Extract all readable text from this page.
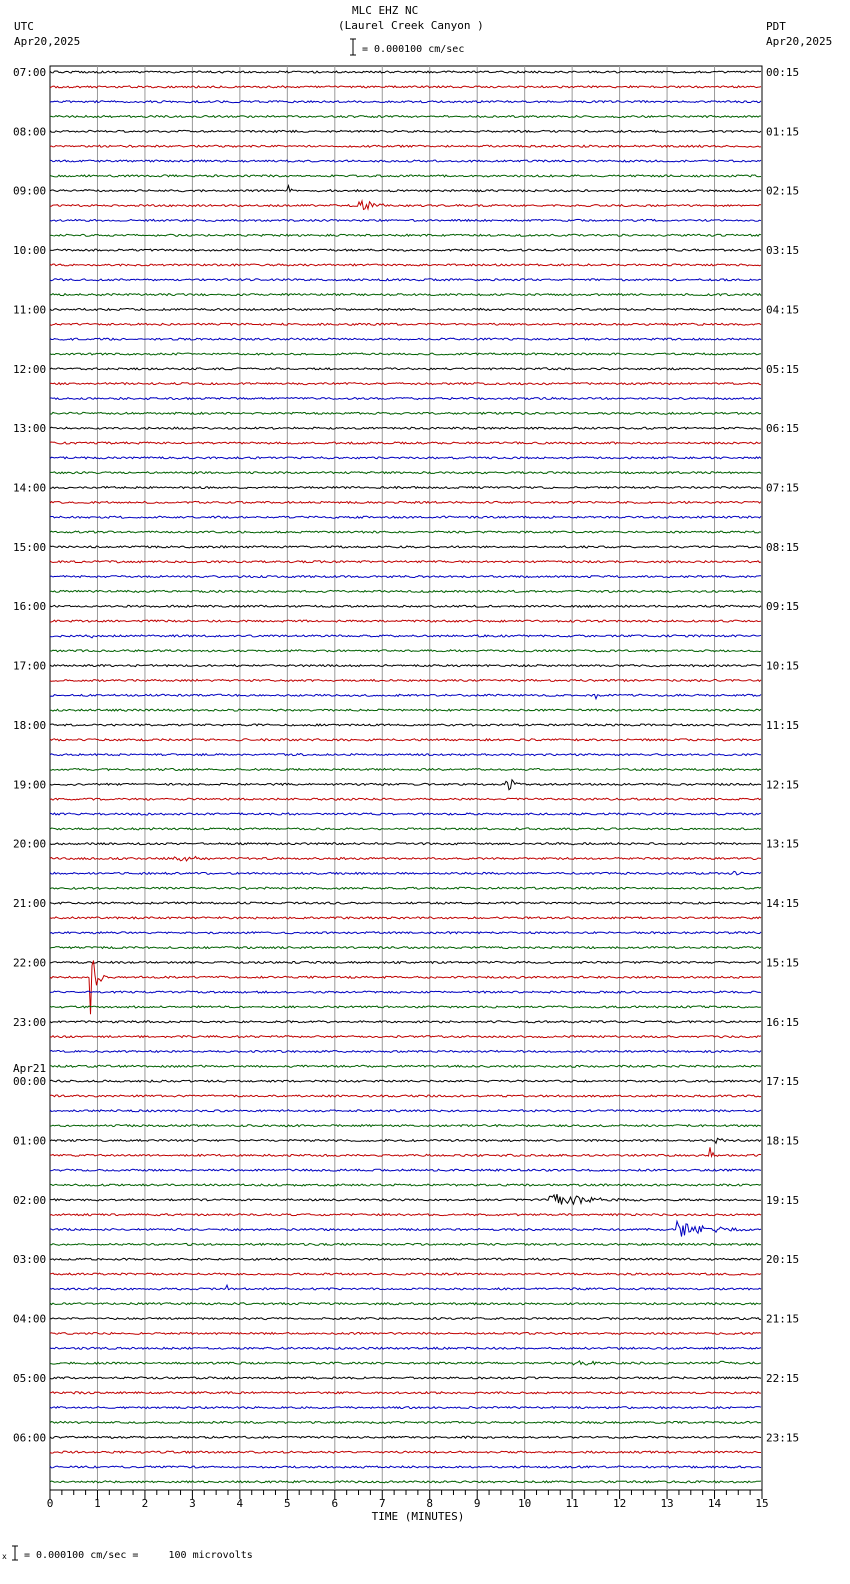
MLC EHZ NC
(Laurel Creek Canyon )
UTC
Apr20,2025
PDT
Apr20,2025
= 0.000100 cm/sec
07:00
08:00
09:00
10:00
11:00
12:00
13:00
14:00
15:00
16:00
17:00
18:00
19:00
20:00
21:00
22:00
23:00
00:00
01:00
02:00
03:00
04:00
05:00
06:00
00:15
01:15
02:15
03:15
04:15
05:15
06:15
07:15
08:15
09:15
10:15
11:15
12:15
13:15
14:15
15:15
16:15
17:15
18:15
19:15
20:15
21:15
22:15
23:15
Apr21
0	1	2	3	4	5	6	7	8	9	10	11	12	13	14	15
TIME (MINUTES)
x = 0.000100 cm/sec =     100 microvolts
